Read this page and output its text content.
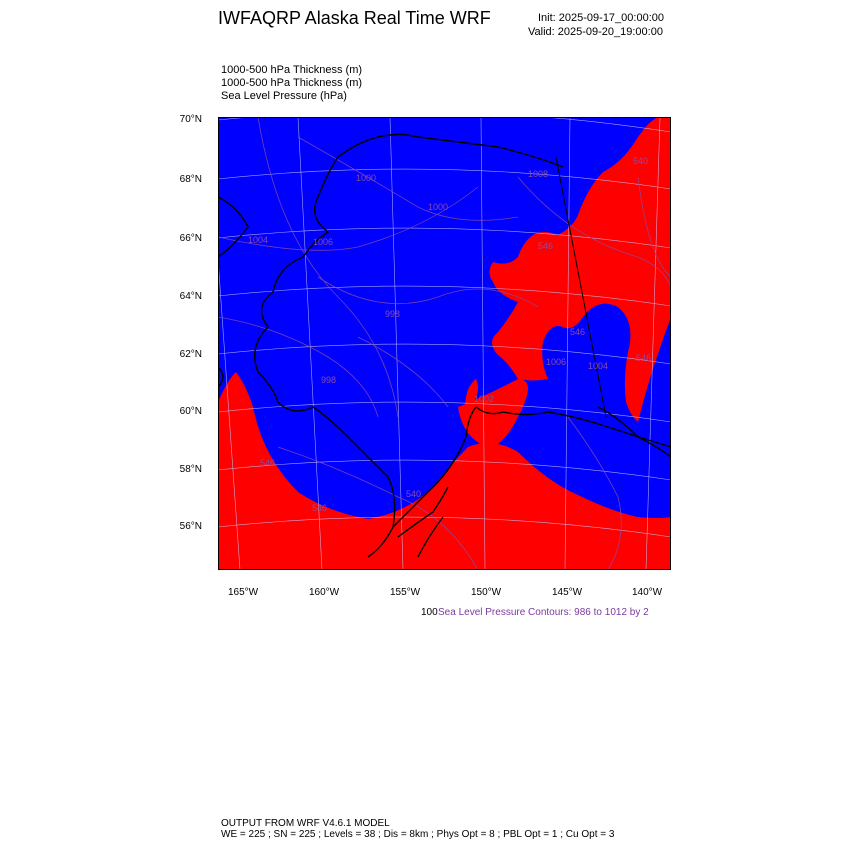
IWFAQRP Alaska Real Time WRF	Init: 2025-09-17_00:00:00
Valid: 2025-09-20_19:00:00
1000-500 hPa Thickness (m)
1000-500 hPa Thickness (m)
Sea Level Pressure (hPa)
70°N
68°N
66°N
64°N
62°N
60°N
58°N
56°N
165°W	160°W	155°W	150°W	145°W	140°W
1004	1006
1000
998
998
1000
1008
546
546
540
546
546
546
540
1002
1004
1006
100 Sea Level Pressure Contours: 986 to 1012 by 2
OUTPUT FROM WRF V4.6.1 MODEL
WE = 225 ; SN = 225 ; Levels = 38 ; Dis = 8km ; Phys Opt = 8 ; PBL Opt = 1 ; Cu Opt = 3
